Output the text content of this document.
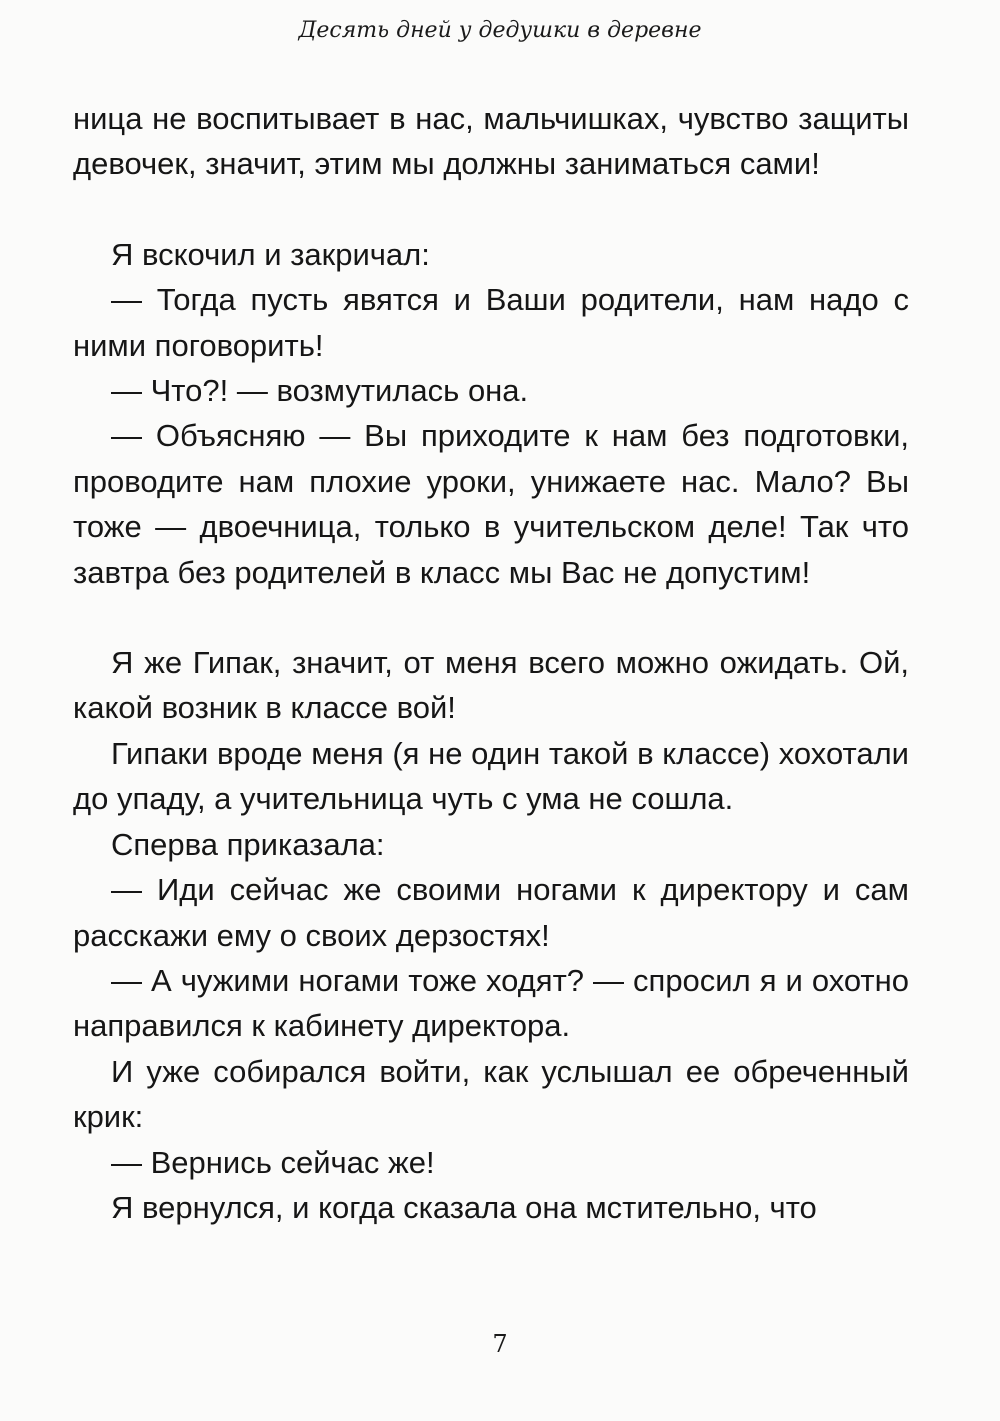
Десять дней у дедушки в деревне

ница не воспитывает в нас, мальчишках, чувство защиты девочек, значит, этим мы должны заниматься сами!

Я вскочил и закричал:

— Тогда пусть явятся и Ваши родители, нам надо с ними поговорить!

— Что?! — возмутилась она.

— Объясняю — Вы приходите к нам без подготовки, проводите нам плохие уроки, унижаете нас. Мало? Вы тоже — двоечница, только в учительском деле! Так что завтра без родителей в класс мы Вас не допустим!

Я же Гипак, значит, от меня всего можно ожидать. Ой, какой возник в классе вой!

Гипаки вроде меня (я не один такой в классе) хохотали до упаду, а учительница чуть с ума не сошла.

Сперва приказала:

— Иди сейчас же своими ногами к директору и сам расскажи ему о своих дерзостях!

— А чужими ногами тоже ходят? — спросил я и охотно направился к кабинету директора.

И уже собирался войти, как услышал ее обреченный крик:

— Вернись сейчас же!

Я вернулся, и когда сказала она мстительно, что

7
